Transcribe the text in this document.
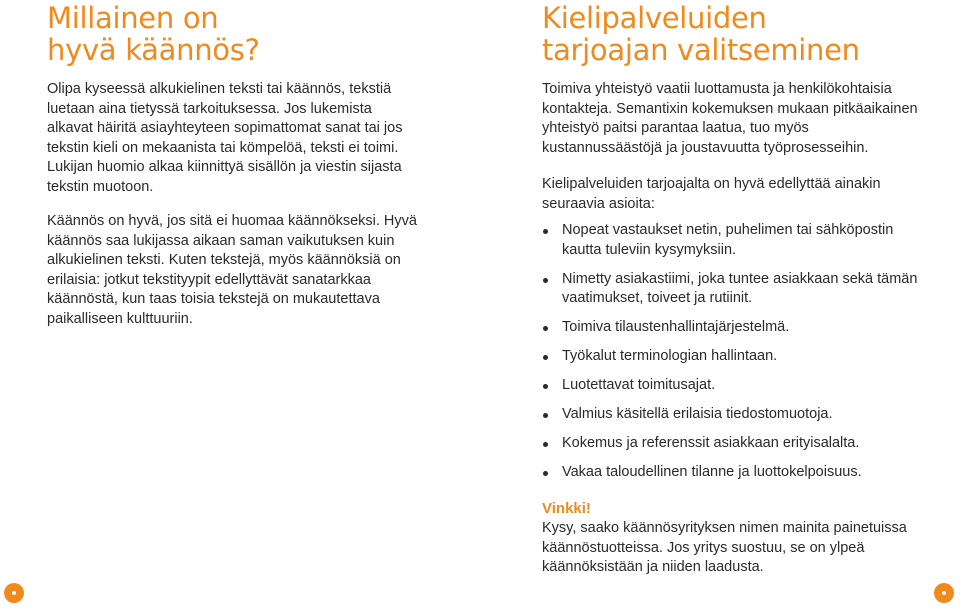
Millainen on
hyvä käännös?

Olipa kyseessä alkukielinen teksti tai käännös, tekstiä luetaan aina tietyssä tarkoituksessa. Jos lukemista alkavat häiritä asiayhteyteen sopimattomat sanat tai jos tekstin kieli on mekaanista tai kömpelöä, teksti ei toimi. Lukijan huomio alkaa kiinnittyä sisällön ja viestin sijasta tekstin muotoon.

Käännös on hyvä, jos sitä ei huomaa käännökseksi. Hyvä käännös saa lukijassa aikaan saman vaikutuksen kuin alkukielinen teksti. Kuten tekstejä, myös käännöksiä on erilaisia: jotkut tekstityypit edellyttävät sanatarkkaa käännöstä, kun taas toisia tekstejä on mukautettava paikalliseen kulttuuriin.

Kielipalveluiden
tarjoajan valitseminen

Toimiva yhteistyö vaatii luottamusta ja henkilökohtaisia kontakteja. Semantixin kokemuksen mukaan pitkäaikainen yhteistyö paitsi parantaa laatua, tuo myös kustannussäästöjä ja joustavuutta työprosesseihin.

Kielipalveluiden tarjoajalta on hyvä edellyttää ainakin seuraavia asioita:

Nopeat vastaukset netin, puhelimen tai sähköpostin kautta tuleviin kysymyksiin.
Nimetty asiakastiimi, joka tuntee asiakkaan sekä tämän vaatimukset, toiveet ja rutiinit.
Toimiva tilaustenhallintajärjestelmä.
Työkalut terminologian hallintaan.
Luotettavat toimitusajat.
Valmius käsitellä erilaisia tiedostomuotoja.
Kokemus ja referenssit asiakkaan erityisalalta.
Vakaa taloudellinen tilanne ja luottokelpoisuus.
Vinkki!

Kysy, saako käännösyrityksen nimen mainita painetuissa käännöstuotteissa. Jos yritys suostuu, se on ylpeä käännöksistään ja niiden laadusta.
